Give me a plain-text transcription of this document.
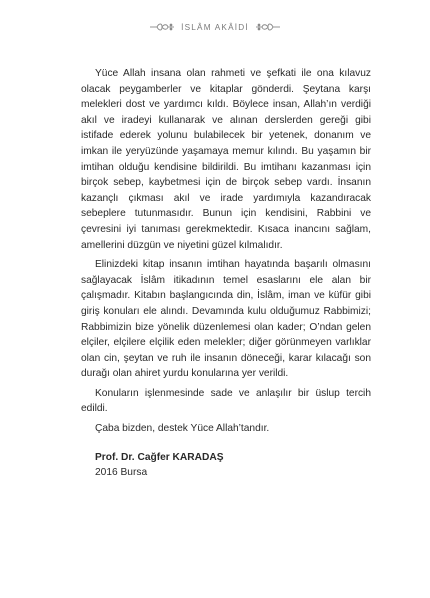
İSLÂM AKÂİDİ

Yüce Allah insana olan rahmeti ve şefkati ile ona kılavuz olacak peygamberler ve kitaplar gönderdi. Şeytana karşı melekleri dost ve yardımcı kıldı. Böylece insan, Allah’ın verdiği akıl ve iradeyi kullanarak ve alınan derslerden gereği gibi istifade ederek yolunu bulabilecek bir yetenek, donanım ve imkan ile yeryüzünde yaşamaya memur kılındı. Bu yaşamın bir imtihan olduğu kendisine bildirildi. Bu imtihanı kazanması için birçok sebep, kaybetmesi için de birçok sebep vardı. İnsanın kazançlı çıkması akıl ve irade yardımıyla kazandıracak sebeplere tutunmasıdır. Bunun için kendisini, Rabbini ve çevresini iyi tanıması gerekmektedir. Kısaca inancını sağlam, amellerini düzgün ve niyetini güzel kılmalıdır.

Elinizdeki kitap insanın imtihan hayatında başarılı olmasını sağlayacak İslâm itikadının temel esaslarını ele alan bir çalışmadır. Kitabın başlangıcında din, İslâm, iman ve küfür gibi giriş konuları ele alındı. Devamında kulu olduğumuz Rabbimizi; Rabbimizin bize yönelik düzenlemesi olan kader; O’ndan gelen elçiler, elçilere elçilik eden melekler; diğer görünmeyen varlıklar olan cin, şeytan ve ruh ile insanın döneceği, karar kılacağı son durağı olan ahiret yurdu konularına yer verildi.

Konuların işlenmesinde sade ve anlaşılır bir üslup tercih edildi.

Çaba bizden, destek Yüce Allah’tandır.

Prof. Dr. Cağfer KARADAŞ
2016 Bursa
